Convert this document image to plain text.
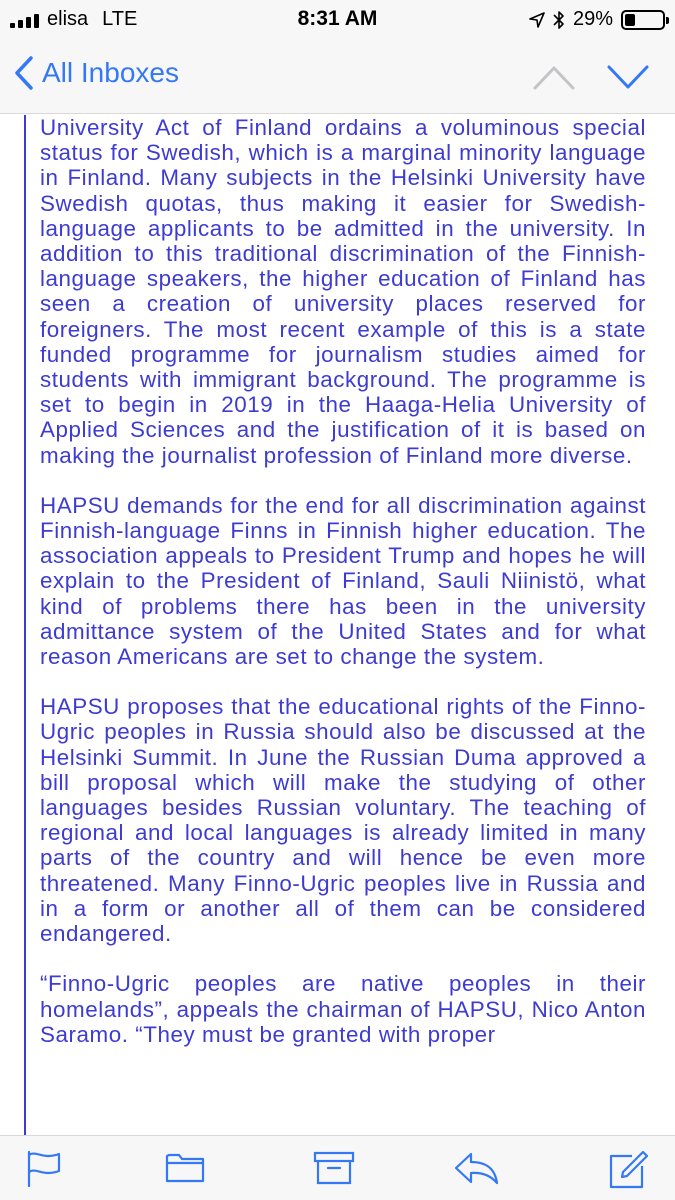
elisa LTE	8:31 AM	29%
All Inboxes

University Act of Finland ordains a voluminous special status for Swedish, which is a marginal minority language in Finland. Many subjects in the Helsinki University have Swedish quotas, thus making it easier for Swedish-language applicants to be admitted in the university. In addition to this traditional discrimination of the Finnish-language speakers, the higher education of Finland has seen a creation of university places reserved for foreigners. The most recent example of this is a state funded programme for journalism studies aimed for students with immigrant background. The programme is set to begin in 2019 in the Haaga-Helia University of Applied Sciences and the justification of it is based on making the journalist profession of Finland more diverse.

HAPSU demands for the end for all discrimination against Finnish-language Finns in Finnish higher education. The association appeals to President Trump and hopes he will explain to the President of Finland, Sauli Niinistö, what kind of problems there has been in the university admittance system of the United States and for what reason Americans are set to change the system.

HAPSU proposes that the educational rights of the Finno-Ugric peoples in Russia should also be discussed at the Helsinki Summit. In June the Russian Duma approved a bill proposal which will make the studying of other languages besides Russian voluntary. The teaching of regional and local languages is already limited in many parts of the country and will hence be even more threatened. Many Finno-Ugric peoples live in Russia and in a form or another all of them can be considered endangered.

“Finno-Ugric peoples are native peoples in their homelands”, appeals the chairman of HAPSU, Nico Anton Saramo. “They must be granted with proper
